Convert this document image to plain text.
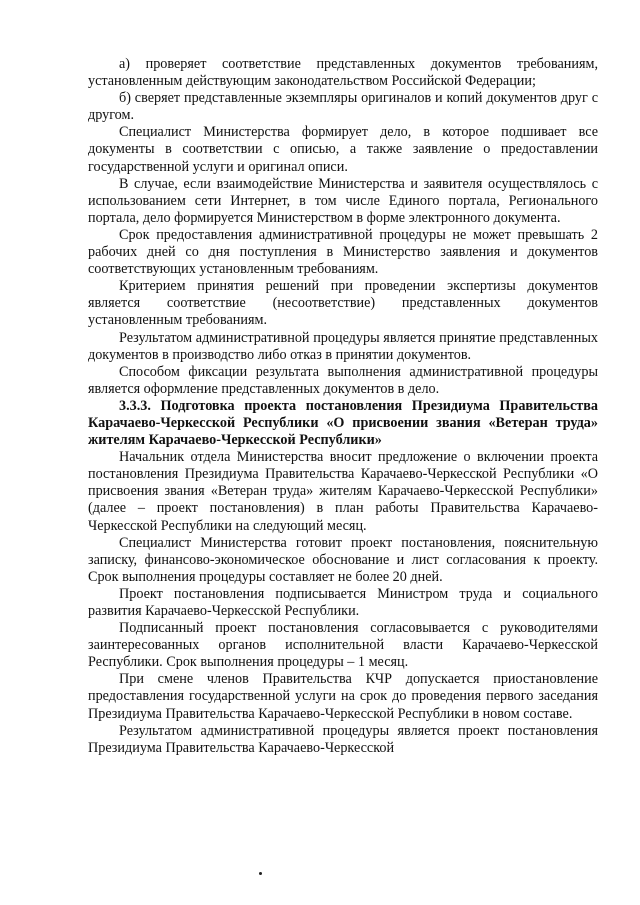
а) проверяет соответствие представленных документов требованиям, установленным действующим законодательством Российской Федерации;

б) сверяет представленные экземпляры оригиналов и копий документов друг с другом.

Специалист Министерства формирует дело, в которое подшивает все документы в соответствии с описью, а также заявление о предоставлении государственной услуги и оригинал описи.

В случае, если взаимодействие Министерства и заявителя осуществлялось с использованием сети Интернет, в том числе Единого портала, Регионального портала, дело формируется Министерством в форме электронного документа.

Срок предоставления административной процедуры не может превышать 2 рабочих дней со дня поступления в Министерство заявления и документов соответствующих установленным требованиям.

Критерием принятия решений при проведении экспертизы документов является соответствие (несоответствие) представленных документов установленным требованиям.

Результатом административной процедуры является принятие представленных документов в производство либо отказ в принятии документов.

Способом фиксации результата выполнения административной процедуры является оформление представленных документов в дело.

3.3.3. Подготовка проекта постановления Президиума Правительства Карачаево-Черкесской Республики «О присвоении звания «Ветеран труда» жителям Карачаево-Черкесской Республики»

Начальник отдела Министерства вносит предложение о включении проекта постановления Президиума Правительства Карачаево-Черкесской Республики «О присвоения звания «Ветеран труда» жителям Карачаево-Черкесской Республики» (далее – проект постановления) в план работы Правительства Карачаево-Черкесской Республики на следующий месяц.

Специалист Министерства готовит проект постановления, пояснительную записку, финансово-экономическое обоснование и лист согласования к проекту. Срок выполнения процедуры составляет не более 20 дней.

Проект постановления подписывается Министром труда и социального развития Карачаево-Черкесской Республики.

Подписанный проект постановления согласовывается с руководителями заинтересованных органов исполнительной власти Карачаево-Черкесской Республики. Срок выполнения процедуры – 1 месяц.

При смене членов Правительства КЧР допускается приостановление предоставления государственной услуги на срок до проведения первого заседания Президиума Правительства Карачаево-Черкесской Республики в новом составе.

Результатом административной процедуры является проект постановления Президиума Правительства Карачаево-Черкесской
